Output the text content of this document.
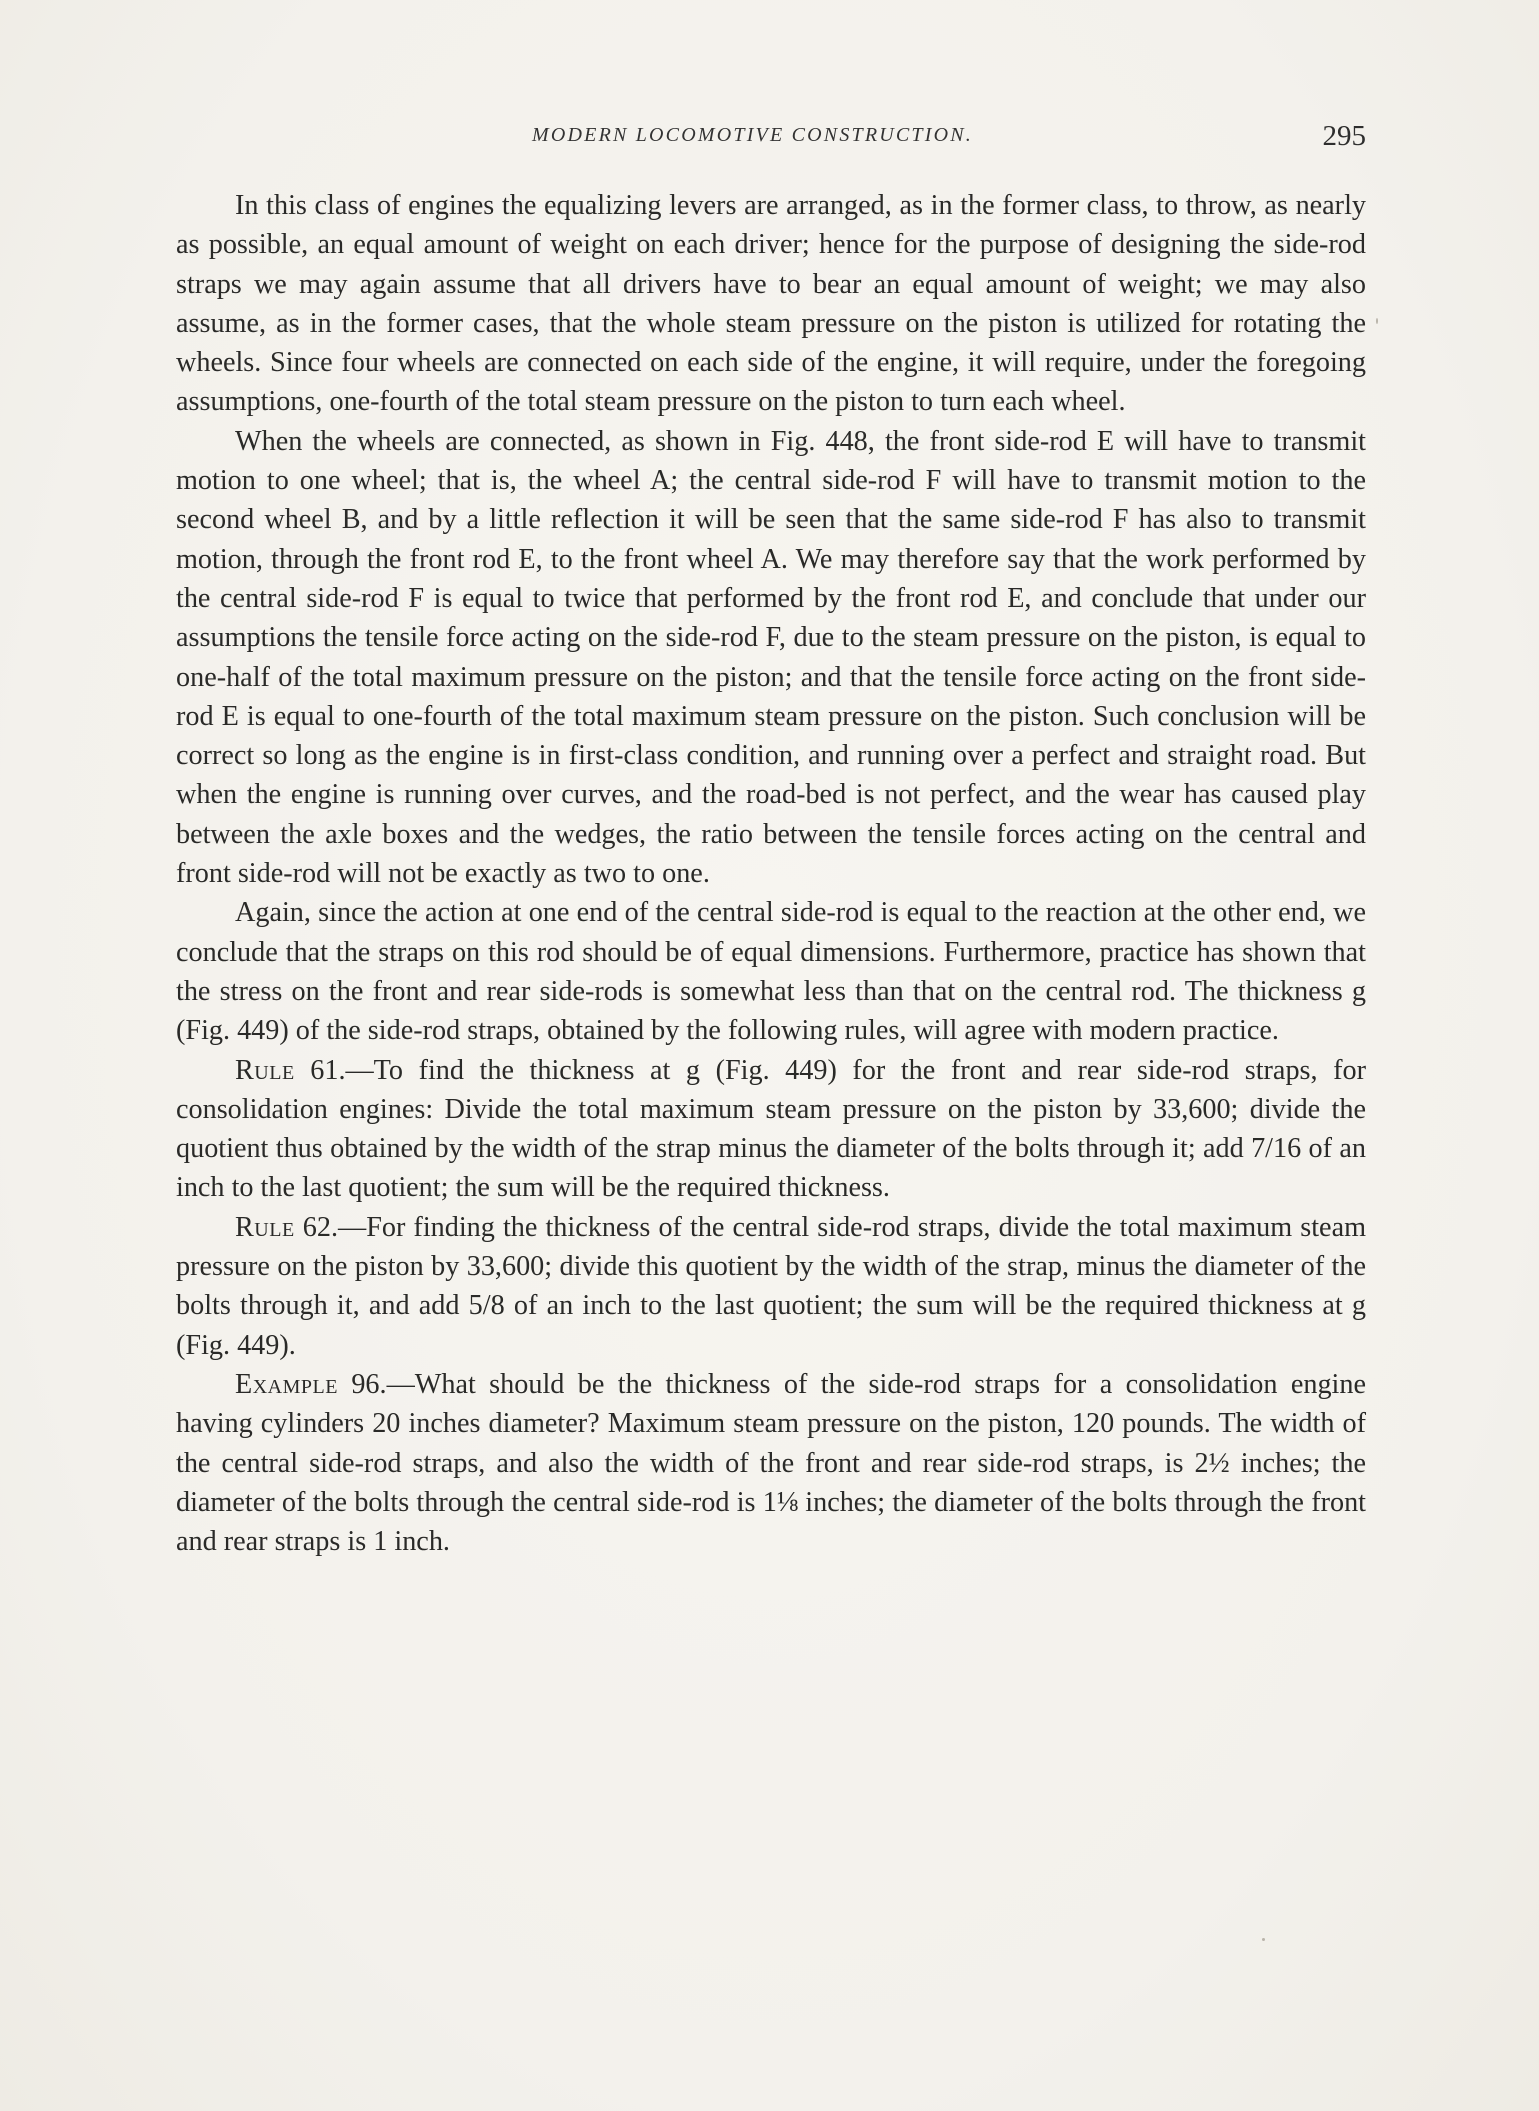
MODERN LOCOMOTIVE CONSTRUCTION.	295

In this class of engines the equalizing levers are arranged, as in the former class, to throw, as nearly as possible, an equal amount of weight on each driver; hence for the purpose of designing the side-rod straps we may again assume that all drivers have to bear an equal amount of weight; we may also assume, as in the former cases, that the whole steam pressure on the piston is utilized for rotating the wheels. Since four wheels are connected on each side of the engine, it will require, under the foregoing assumptions, one-fourth of the total steam pressure on the piston to turn each wheel.

When the wheels are connected, as shown in Fig. 448, the front side-rod E will have to transmit motion to one wheel; that is, the wheel A; the central side-rod F will have to transmit motion to the second wheel B, and by a little reflection it will be seen that the same side-rod F has also to transmit motion, through the front rod E, to the front wheel A. We may therefore say that the work performed by the central side-rod F is equal to twice that performed by the front rod E, and conclude that under our assumptions the tensile force acting on the side-rod F, due to the steam pressure on the piston, is equal to one-half of the total maximum pressure on the piston; and that the tensile force acting on the front side-rod E is equal to one-fourth of the total maximum steam pressure on the piston. Such conclusion will be correct so long as the engine is in first-class condition, and running over a perfect and straight road. But when the engine is running over curves, and the road-bed is not perfect, and the wear has caused play between the axle boxes and the wedges, the ratio between the tensile forces acting on the central and front side-rod will not be exactly as two to one.

Again, since the action at one end of the central side-rod is equal to the reaction at the other end, we conclude that the straps on this rod should be of equal dimensions. Furthermore, practice has shown that the stress on the front and rear side-rods is somewhat less than that on the central rod. The thickness g (Fig. 449) of the side-rod straps, obtained by the following rules, will agree with modern practice.

Rule 61.—To find the thickness at g (Fig. 449) for the front and rear side-rod straps, for consolidation engines: Divide the total maximum steam pressure on the piston by 33,600; divide the quotient thus obtained by the width of the strap minus the diameter of the bolts through it; add 7/16 of an inch to the last quotient; the sum will be the required thickness.

Rule 62.—For finding the thickness of the central side-rod straps, divide the total maximum steam pressure on the piston by 33,600; divide this quotient by the width of the strap, minus the diameter of the bolts through it, and add 5/8 of an inch to the last quotient; the sum will be the required thickness at g (Fig. 449).

Example 96.—What should be the thickness of the side-rod straps for a consolidation engine having cylinders 20 inches diameter? Maximum steam pressure on the piston, 120 pounds. The width of the central side-rod straps, and also the width of the front and rear side-rod straps, is 2½ inches; the diameter of the bolts through the central side-rod is 1⅛ inches; the diameter of the bolts through the front and rear straps is 1 inch.
